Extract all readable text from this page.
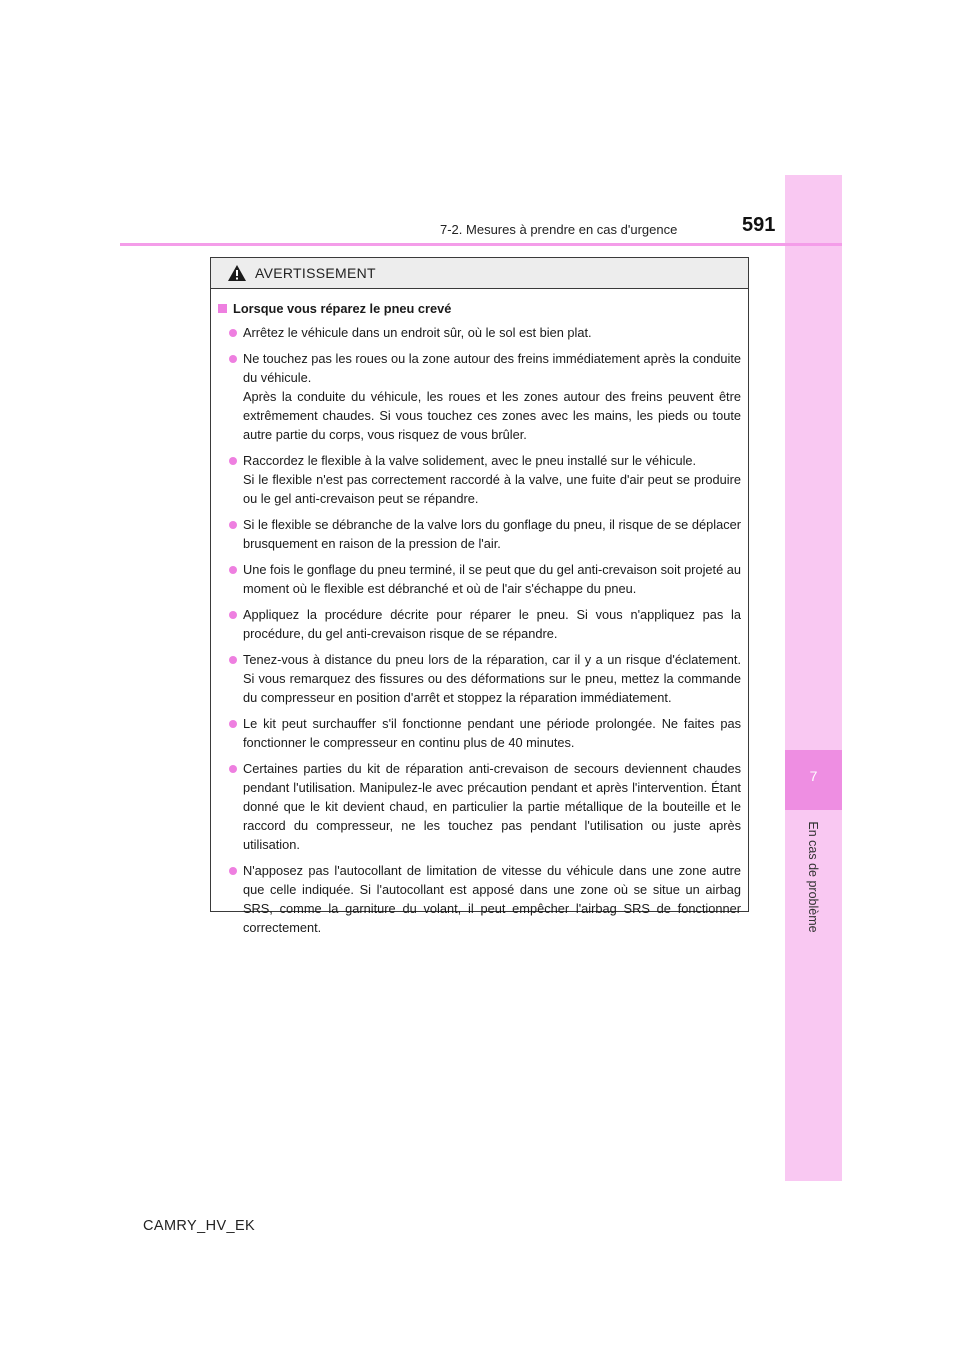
7
En cas de problème
7-2. Mesures à prendre en cas d'urgence	591
AVERTISSEMENT
Lorsque vous réparez le pneu crevé
Arrêtez le véhicule dans un endroit sûr, où le sol est bien plat.
Ne touchez pas les roues ou la zone autour des freins immédiatement après la conduite du véhicule.
Après la conduite du véhicule, les roues et les zones autour des freins peuvent être extrêmement chaudes. Si vous touchez ces zones avec les mains, les pieds ou toute autre partie du corps, vous risquez de vous brûler.
Raccordez le flexible à la valve solidement, avec le pneu installé sur le véhicule.
Si le flexible n'est pas correctement raccordé à la valve, une fuite d'air peut se produire ou le gel anti-crevaison peut se répandre.
Si le flexible se débranche de la valve lors du gonflage du pneu, il risque de se déplacer brusquement en raison de la pression de l'air.
Une fois le gonflage du pneu terminé, il se peut que du gel anti-crevaison soit projeté au moment où le flexible est débranché et où de l'air s'échappe du pneu.
Appliquez la procédure décrite pour réparer le pneu. Si vous n'appliquez pas la procédure, du gel anti-crevaison risque de se répandre.
Tenez-vous à distance du pneu lors de la réparation, car il y a un risque d'éclatement. Si vous remarquez des fissures ou des déformations sur le pneu, mettez la commande du compresseur en position d'arrêt et stoppez la réparation immédiatement.
Le kit peut surchauffer s'il fonctionne pendant une période prolongée. Ne faites pas fonctionner le compresseur en continu plus de 40 minutes.
Certaines parties du kit de réparation anti-crevaison de secours deviennent chaudes pendant l'utilisation. Manipulez-le avec précaution pendant et après l'intervention. Étant donné que le kit devient chaud, en particulier la partie métallique de la bouteille et le raccord du compresseur, ne les touchez pas pendant l'utilisation ou juste après utilisation.
N'apposez pas l'autocollant de limitation de vitesse du véhicule dans une zone autre que celle indiquée. Si l'autocollant est apposé dans une zone où se situe un airbag SRS, comme la garniture du volant, il peut empêcher l'airbag SRS de fonctionner correctement.
CAMRY_HV_EK
